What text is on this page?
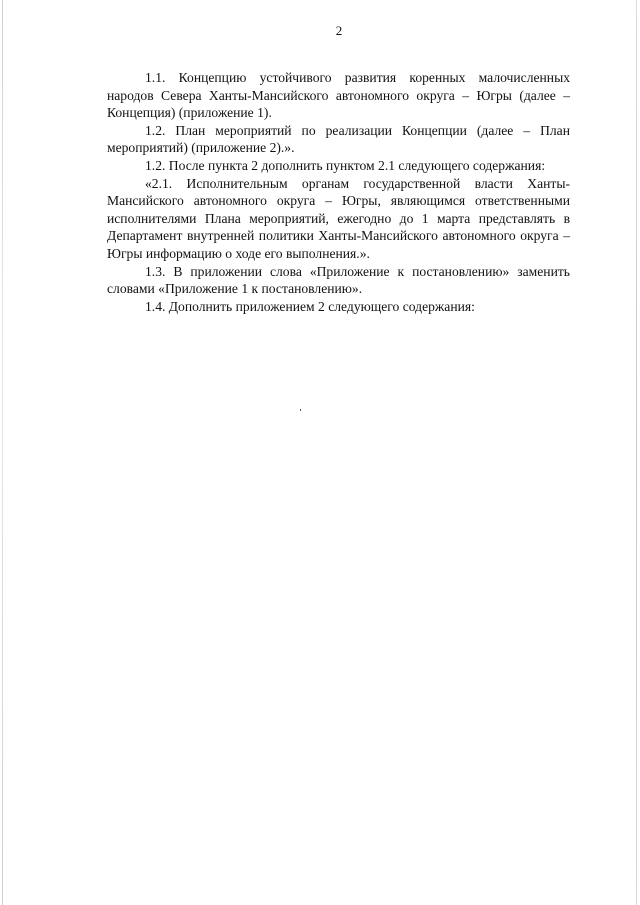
2

1.1. Концепцию устойчивого развития коренных малочисленных народов Севера Ханты-Мансийского автономного округа – Югры (далее – Концепция) (приложение 1).

1.2. План мероприятий по реализации Концепции (далее – План мероприятий) (приложение 2).».

1.2. После пункта 2 дополнить пунктом 2.1 следующего содержания:

«2.1. Исполнительным органам государственной власти Ханты-Мансийского автономного округа – Югры, являющимся ответственными исполнителями Плана мероприятий, ежегодно до 1 марта представлять в Департамент внутренней политики Ханты-Мансийского автономного округа – Югры информацию о ходе его выполнения.».

1.3. В приложении слова «Приложение к постановлению» заменить словами «Приложение 1 к постановлению».

1.4. Дополнить приложением 2 следующего содержания:
